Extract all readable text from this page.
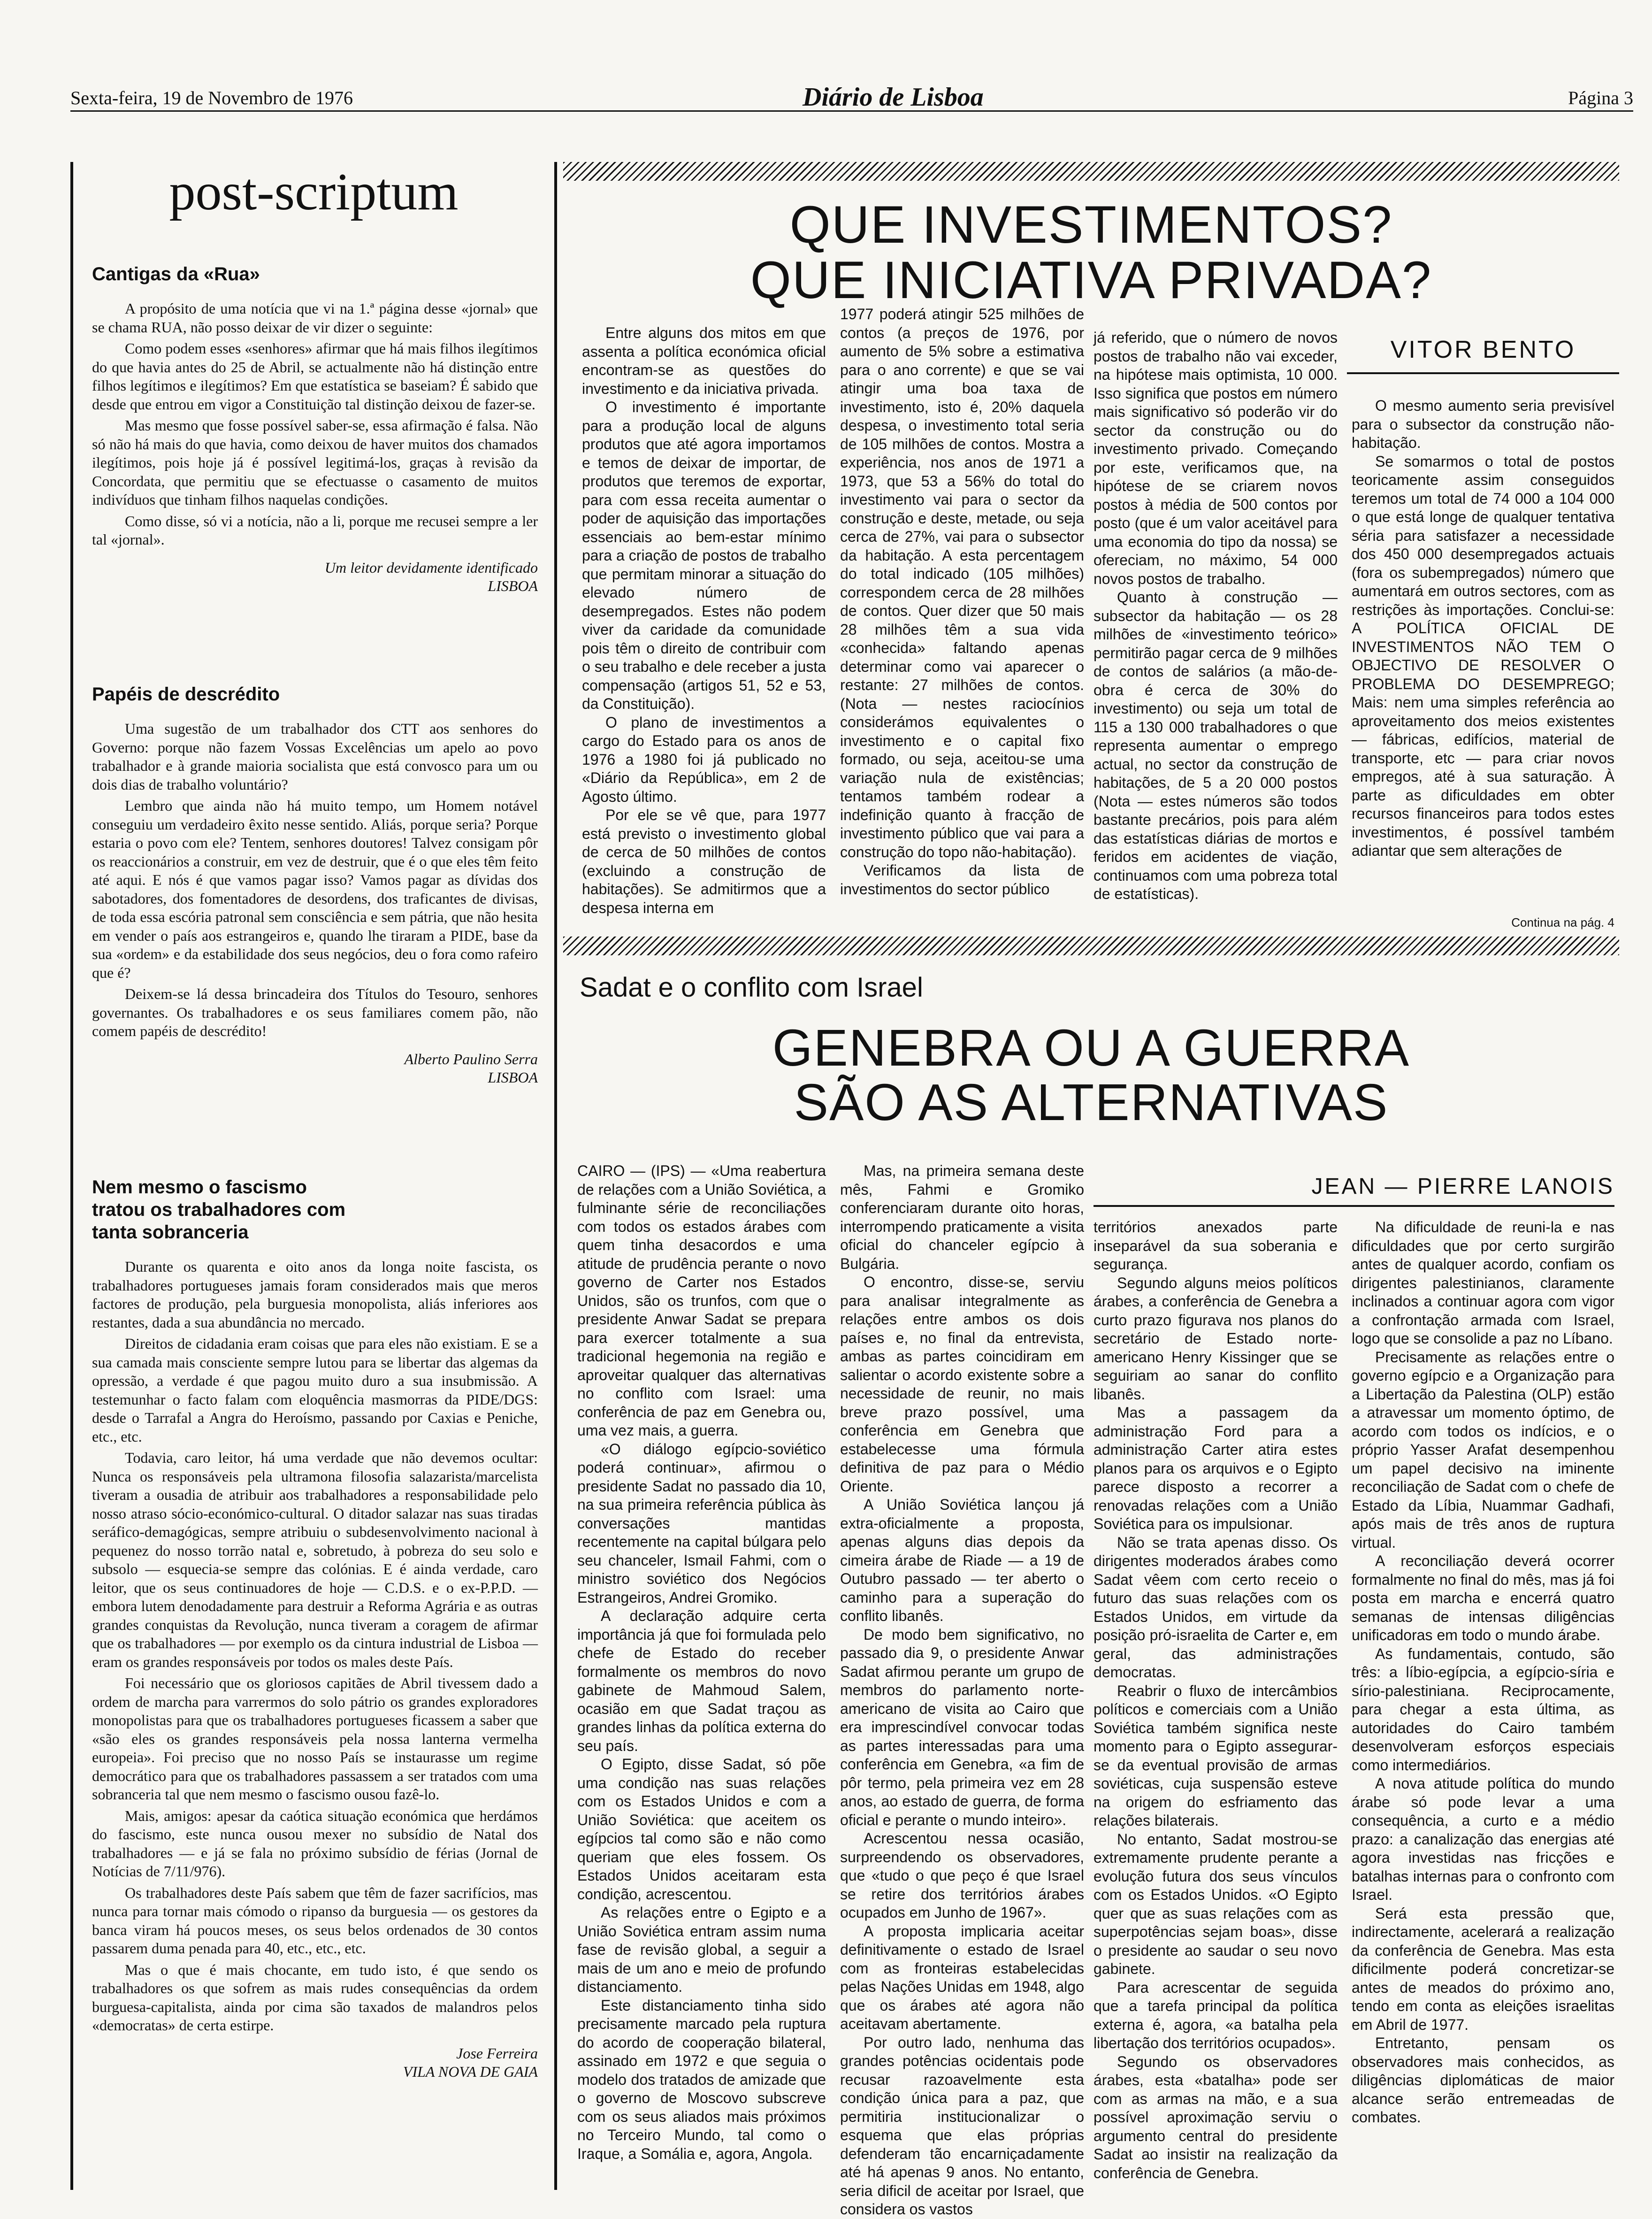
Sexta-feira, 19 de Novembro de 1976	Diário de Lisboa	Página 3
post-scriptum
Cantigas da «Rua»

A propósito de uma notícia que vi na 1.ª página desse «jornal» que se chama RUA, não posso deixar de vir dizer o seguinte:

Como podem esses «senhores» afirmar que há mais filhos ilegítimos do que havia antes do 25 de Abril, se actualmente não há distinção entre filhos legítimos e ilegítimos? Em que estatística se baseiam? É sabido que desde que entrou em vigor a Constituição tal distinção deixou de fazer-se.

Mas mesmo que fosse possível saber-se, essa afirmação é falsa. Não só não há mais do que havia, como deixou de haver muitos dos chamados ilegítimos, pois hoje já é possível legitimá-los, graças à revisão da Concordata, que permitiu que se efectuasse o casamento de muitos indivíduos que tinham filhos naquelas condições.

Como disse, só vi a notícia, não a li, porque me recusei sempre a ler tal «jornal».

Um leitor devidamente identificado
LISBOA
Papéis de descrédito

Uma sugestão de um trabalhador dos CTT aos senhores do Governo: porque não fazem Vossas Excelências um apelo ao povo trabalhador e à grande maioria socialista que está convosco para um ou dois dias de trabalho voluntário?

Lembro que ainda não há muito tempo, um Homem notável conseguiu um verdadeiro êxito nesse sentido. Aliás, porque seria? Porque estaria o povo com ele? Tentem, senhores doutores! Talvez consigam pôr os reaccionários a construir, em vez de destruir, que é o que eles têm feito até aqui. E nós é que vamos pagar isso? Vamos pagar as dívidas dos sabotadores, dos fomentadores de desordens, dos traficantes de divisas, de toda essa escória patronal sem consciência e sem pátria, que não hesita em vender o país aos estrangeiros e, quando lhe tiraram a PIDE, base da sua «ordem» e da estabilidade dos seus negócios, deu o fora como rafeiro que é?

Deixem-se lá dessa brincadeira dos Títulos do Tesouro, senhores governantes. Os trabalhadores e os seus familiares comem pão, não comem papéis de descrédito!

Alberto Paulino Serra
LISBOA
Nem mesmo o fascismo tratou os trabalhadores com tanta sobranceria

Durante os quarenta e oito anos da longa noite fascista, os trabalhadores portugueses jamais foram considerados mais que meros factores de produção, pela burguesia monopolista, aliás inferiores aos restantes, dada a sua abundância no mercado.

Direitos de cidadania eram coisas que para eles não existiam. E se a sua camada mais consciente sempre lutou para se libertar das algemas da opressão, a verdade é que pagou muito duro a sua insubmissão. A testemunhar o facto falam com eloquência masmorras da PIDE/DGS: desde o Tarrafal a Angra do Heroísmo, passando por Caxias e Peniche, etc., etc.

Todavia, caro leitor, há uma verdade que não devemos ocultar: Nunca os responsáveis pela ultramona filosofia salazarista/marcelista tiveram a ousadia de atribuir aos trabalhadores a responsabilidade pelo nosso atraso sócio-económico-cultural. O ditador salazar nas suas tiradas seráfico-demagógicas, sempre atribuiu o subdesenvolvimento nacional à pequenez do nosso torrão natal e, sobretudo, à pobreza do seu solo e subsolo — esquecia-se sempre das colónias. E é ainda verdade, caro leitor, que os seus continuadores de hoje — C.D.S. e o ex-P.P.D. — embora lutem denodadamente para destruir a Reforma Agrária e as outras grandes conquistas da Revolução, nunca tiveram a coragem de afirmar que os trabalhadores — por exemplo os da cintura industrial de Lisboa — eram os grandes responsáveis por todos os males deste País.

Foi necessário que os gloriosos capitães de Abril tivessem dado a ordem de marcha para varrermos do solo pátrio os grandes exploradores monopolistas para que os trabalhadores portugueses ficassem a saber que «são eles os grandes responsáveis pela nossa lanterna vermelha europeia». Foi preciso que no nosso País se instaurasse um regime democrático para que os trabalhadores passassem a ser tratados com uma sobranceria tal que nem mesmo o fascismo ousou fazê-lo.

Mais, amigos: apesar da caótica situação económica que herdámos do fascismo, este nunca ousou mexer no subsídio de Natal dos trabalhadores — e já se fala no próximo subsídio de férias (Jornal de Notícias de 7/11/976).

Os trabalhadores deste País sabem que têm de fazer sacrifícios, mas nunca para tornar mais cómodo o ripanso da burguesia — os gestores da banca viram há poucos meses, os seus belos ordenados de 30 contos passarem duma penada para 40, etc., etc., etc.

Mas o que é mais chocante, em tudo isto, é que sendo os trabalhadores os que sofrem as mais rudes consequências da ordem burguesa-capitalista, ainda por cima são taxados de malandros pelos «democratas» de certa estirpe.

Jose Ferreira
VILA NOVA DE GAIA
QUE INVESTIMENTOS?
QUE INICIATIVA PRIVADA?
VITOR BENTO

Entre alguns dos mitos em que assenta a política económica oficial encontram-se as questões do investimento e da iniciativa privada.

O investimento é importante para a produção local de alguns produtos que até agora importamos e temos de deixar de importar, de produtos que teremos de exportar, para com essa receita aumentar o poder de aquisição das importações essenciais ao bem-estar mínimo para a criação de postos de trabalho que permitam minorar a situação do elevado número de desempregados. Estes não podem viver da caridade da comunidade pois têm o direito de contribuir com o seu trabalho e dele receber a justa compensação (artigos 51, 52 e 53, da Constituição).

O plano de investimentos a cargo do Estado para os anos de 1976 a 1980 foi já publicado no «Diário da República», em 2 de Agosto último.

Por ele se vê que, para 1977 está previsto o investimento global de cerca de 50 milhões de contos (excluindo a construção de habitações). Se admitirmos que a despesa interna em

1977 poderá atingir 525 milhões de contos (a preços de 1976, por aumento de 5% sobre a estimativa para o ano corrente) e que se vai atingir uma boa taxa de investimento, isto é, 20% daquela despesa, o investimento total seria de 105 milhões de contos. Mostra a experiência, nos anos de 1971 a 1973, que 53 a 56% do total do investimento vai para o sector da construção e deste, metade, ou seja cerca de 27%, vai para o subsector da habitação. A esta percentagem do total indicado (105 milhões) correspondem cerca de 28 milhões de contos. Quer dizer que 50 mais 28 milhões têm a sua vida «conhecida» faltando apenas determinar como vai aparecer o restante: 27 milhões de contos. (Nota — nestes raciocínios considerámos equivalentes o investimento e o capital fixo formado, ou seja, aceitou-se uma variação nula de existências; tentamos também rodear a indefinição quanto à fracção de investimento público que vai para a construção do topo não-habitação).

Verificamos da lista de investimentos do sector público

já referido, que o número de novos postos de trabalho não vai exceder, na hipótese mais optimista, 10 000. Isso significa que postos em número mais significativo só poderão vir do sector da construção ou do investimento privado. Começando por este, verificamos que, na hipótese de se criarem novos postos à média de 500 contos por posto (que é um valor aceitável para uma economia do tipo da nossa) se ofereciam, no máximo, 54 000 novos postos de trabalho.

Quanto à construção — subsector da habitação — os 28 milhões de «investimento teórico» permitirão pagar cerca de 9 milhões de contos de salários (a mão-de-obra é cerca de 30% do investimento) ou seja um total de 115 a 130 000 trabalhadores o que representa aumentar o emprego actual, no sector da construção de habitações, de 5 a 20 000 postos (Nota — estes números são todos bastante precários, pois para além das estatísticas diárias de mortos e feridos em acidentes de viação, continuamos com uma pobreza total de estatísticas).

O mesmo aumento seria previsível para o subsector da construção não-habitação.

Se somarmos o total de postos teoricamente assim conseguidos teremos um total de 74 000 a 104 000 o que está longe de qualquer tentativa séria para satisfazer a necessidade dos 450 000 desempregados actuais (fora os subempregados) número que aumentará em outros sectores, com as restrições às importações. Conclui-se: A POLÍTICA OFICIAL DE INVESTIMENTOS NÃO TEM O OBJECTIVO DE RESOLVER O PROBLEMA DO DESEMPREGO; Mais: nem uma simples referência ao aproveitamento dos meios existentes — fábricas, edifícios, material de transporte, etc — para criar novos empregos, até à sua saturação. À parte as dificuldades em obter recursos financeiros para todos estes investimentos, é possível também adiantar que sem alterações de

Continua na pág. 4
Sadat e o conflito com Israel
GENEBRA OU A GUERRA
SÃO AS ALTERNATIVAS
JEAN — PIERRE LANOIS

CAIRO — (IPS) — «Uma reabertura de relações com a União Soviética, a fulminante série de reconciliações com todos os estados árabes com quem tinha desacordos e uma atitude de prudência perante o novo governo de Carter nos Estados Unidos, são os trunfos, com que o presidente Anwar Sadat se prepara para exercer totalmente a sua tradicional hegemonia na região e aproveitar qualquer das alternativas no conflito com Israel: uma conferência de paz em Genebra ou, uma vez mais, a guerra.

«O diálogo egípcio-soviético poderá continuar», afirmou o presidente Sadat no passado dia 10, na sua primeira referência pública às conversações mantidas recentemente na capital búlgara pelo seu chanceler, Ismail Fahmi, com o ministro soviético dos Negócios Estrangeiros, Andrei Gromiko.

A declaração adquire certa importância já que foi formulada pelo chefe de Estado do receber formalmente os membros do novo gabinete de Mahmoud Salem, ocasião em que Sadat traçou as grandes linhas da política externa do seu país.

O Egipto, disse Sadat, só põe uma condição nas suas relações com os Estados Unidos e com a União Soviética: que aceitem os egípcios tal como são e não como queriam que eles fossem. Os Estados Unidos aceitaram esta condição, acrescentou.

As relações entre o Egipto e a União Soviética entram assim numa fase de revisão global, a seguir a mais de um ano e meio de profundo distanciamento.

Este distanciamento tinha sido precisamente marcado pela ruptura do acordo de cooperação bilateral, assinado em 1972 e que seguia o modelo dos tratados de amizade que o governo de Moscovo subscreve com os seus aliados mais próximos no Terceiro Mundo, tal como o Iraque, a Somália e, agora, Angola.

Mas, na primeira semana deste mês, Fahmi e Gromiko conferenciaram durante oito horas, interrompendo praticamente a visita oficial do chanceler egípcio à Bulgária.

O encontro, disse-se, serviu para analisar integralmente as relações entre ambos os dois países e, no final da entrevista, ambas as partes coincidiram em salientar o acordo existente sobre a necessidade de reunir, no mais breve prazo possível, uma conferência em Genebra que estabelecesse uma fórmula definitiva de paz para o Médio Oriente.

A União Soviética lançou já extra-oficialmente a proposta, apenas alguns dias depois da cimeira árabe de Riade — a 19 de Outubro passado — ter aberto o caminho para a superação do conflito libanês.

De modo bem significativo, no passado dia 9, o presidente Anwar Sadat afirmou perante um grupo de membros do parlamento norte-americano de visita ao Cairo que era imprescindível convocar todas as partes interessadas para uma conferência em Genebra, «a fim de pôr termo, pela primeira vez em 28 anos, ao estado de guerra, de forma oficial e perante o mundo inteiro».

Acrescentou nessa ocasião, surpreendendo os observadores, que «tudo o que peço é que Israel se retire dos territórios árabes ocupados em Junho de 1967».

A proposta implicaria aceitar definitivamente o estado de Israel com as fronteiras estabelecidas pelas Nações Unidas em 1948, algo que os árabes até agora não aceitavam abertamente.

Por outro lado, nenhuma das grandes potências ocidentais pode recusar razoavelmente esta condição única para a paz, que permitiria institucionalizar o esquema que elas próprias defenderam tão encarniçadamente até há apenas 9 anos. No entanto, seria dificil de aceitar por Israel, que considera os vastos

territórios anexados parte inseparável da sua soberania e segurança.

Segundo alguns meios políticos árabes, a conferência de Genebra a curto prazo figurava nos planos do secretário de Estado norte-americano Henry Kissinger que se seguiriam ao sanar do conflito libanês.

Mas a passagem da administração Ford para a administração Carter atira estes planos para os arquivos e o Egipto parece disposto a recorrer a renovadas relações com a União Soviética para os impulsionar.

Não se trata apenas disso. Os dirigentes moderados árabes como Sadat vêem com certo receio o futuro das suas relações com os Estados Unidos, em virtude da posição pró-israelita de Carter e, em geral, das administrações democratas.

Reabrir o fluxo de intercâmbios políticos e comerciais com a União Soviética também significa neste momento para o Egipto assegurar-se da eventual provisão de armas soviéticas, cuja suspensão esteve na origem do esfriamento das relações bilaterais.

No entanto, Sadat mostrou-se extremamente prudente perante a evolução futura dos seus vínculos com os Estados Unidos. «O Egipto quer que as suas relações com as superpotências sejam boas», disse o presidente ao saudar o seu novo gabinete.

Para acrescentar de seguida que a tarefa principal da política externa é, agora, «a batalha pela libertação dos territórios ocupados».

Segundo os observadores árabes, esta «batalha» pode ser com as armas na mão, e a sua possível aproximação serviu o argumento central do presidente Sadat ao insistir na realização da conferência de Genebra.

Na dificuldade de reuni-la e nas dificuldades que por certo surgirão antes de qualquer acordo, confiam os dirigentes palestinianos, claramente inclinados a continuar agora com vigor a confrontação armada com Israel, logo que se consolide a paz no Líbano.

Precisamente as relações entre o governo egípcio e a Organização para a Libertação da Palestina (OLP) estão a atravessar um momento óptimo, de acordo com todos os indícios, e o próprio Yasser Arafat desempenhou um papel decisivo na iminente reconciliação de Sadat com o chefe de Estado da Líbia, Nuammar Gadhafi, após mais de três anos de ruptura virtual.

A reconciliação deverá ocorrer formalmente no final do mês, mas já foi posta em marcha e encerrá quatro semanas de intensas diligências unificadoras em todo o mundo árabe.

As fundamentais, contudo, são três: a líbio-egípcia, a egípcio-síria e sírio-palestiniana. Reciprocamente, para chegar a esta última, as autoridades do Cairo também desenvolveram esforços especiais como intermediários.

A nova atitude política do mundo árabe só pode levar a uma consequência, a curto e a médio prazo: a canalização das energias até agora investidas nas fricções e batalhas internas para o confronto com Israel.

Será esta pressão que, indirectamente, acelerará a realização da conferência de Genebra. Mas esta dificilmente poderá concretizar-se antes de meados do próximo ano, tendo em conta as eleições israelitas em Abril de 1977.

Entretanto, pensam os observadores mais conhecidos, as diligências diplomáticas de maior alcance serão entremeadas de combates.
